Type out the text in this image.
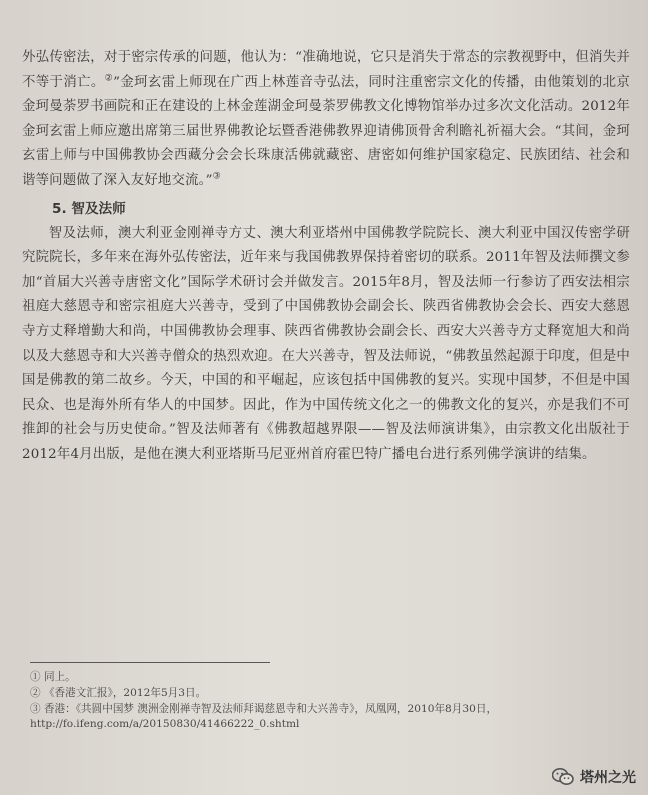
外弘传密法，对于密宗传承的问题，他认为：“准确地说，它只是消失于常态的宗教视野中，但消失并不等于消亡。②”金珂玄雷上师现在广西上林莲音寺弘法，同时注重密宗文化的传播，由他策划的北京金珂曼荼罗书画院和正在建设的上林金莲湖金珂曼荼罗佛教文化博物馆举办过多次文化活动。2012年金珂玄雷上师应邀出席第三届世界佛教论坛暨香港佛教界迎请佛顶骨舍利瞻礼祈福大会。“其间，金珂玄雷上师与中国佛教协会西藏分会会长珠康活佛就藏密、唐密如何维护国家稳定、民族团结、社会和谐等问题做了深入友好地交流。”③

5. 智及法师

智及法师，澳大利亚金刚禅寺方丈、澳大利亚塔州中国佛教学院院长、澳大利亚中国汉传密学研究院院长，多年来在海外弘传密法，近年来与我国佛教界保持着密切的联系。2011年智及法师撰文参加“首届大兴善寺唐密文化”国际学术研讨会并做发言。2015年8月，智及法师一行参访了西安法相宗祖庭大慈恩寺和密宗祖庭大兴善寺，受到了中国佛教协会副会长、陕西省佛教协会会长、西安大慈恩寺方丈释增勤大和尚，中国佛教协会理事、陕西省佛教协会副会长、西安大兴善寺方丈释宽旭大和尚以及大慈恩寺和大兴善寺僧众的热烈欢迎。在大兴善寺，智及法师说，“佛教虽然起源于印度，但是中国是佛教的第二故乡。今天，中国的和平崛起，应该包括中国佛教的复兴。实现中国梦，不但是中国民众、也是海外所有华人的中国梦。因此，作为中国传统文化之一的佛教文化的复兴，亦是我们不可推卸的社会与历史使命。”智及法师著有《佛教超越界限——智及法师演讲集》，由宗教文化出版社于2012年4月出版，是他在澳大利亚塔斯马尼亚州首府霍巴特广播电台进行系列佛学演讲的结集。

① 同上。

② 《香港文汇报》，2012年5月3日。

③ 香港：《共圆中国梦 澳洲金刚禅寺智及法师拜谒慈恩寺和大兴善寺》，凤凰网，2010年8月30日，http://fo.ifeng.com/a/20150830/41466222_0.shtml

塔州之光
